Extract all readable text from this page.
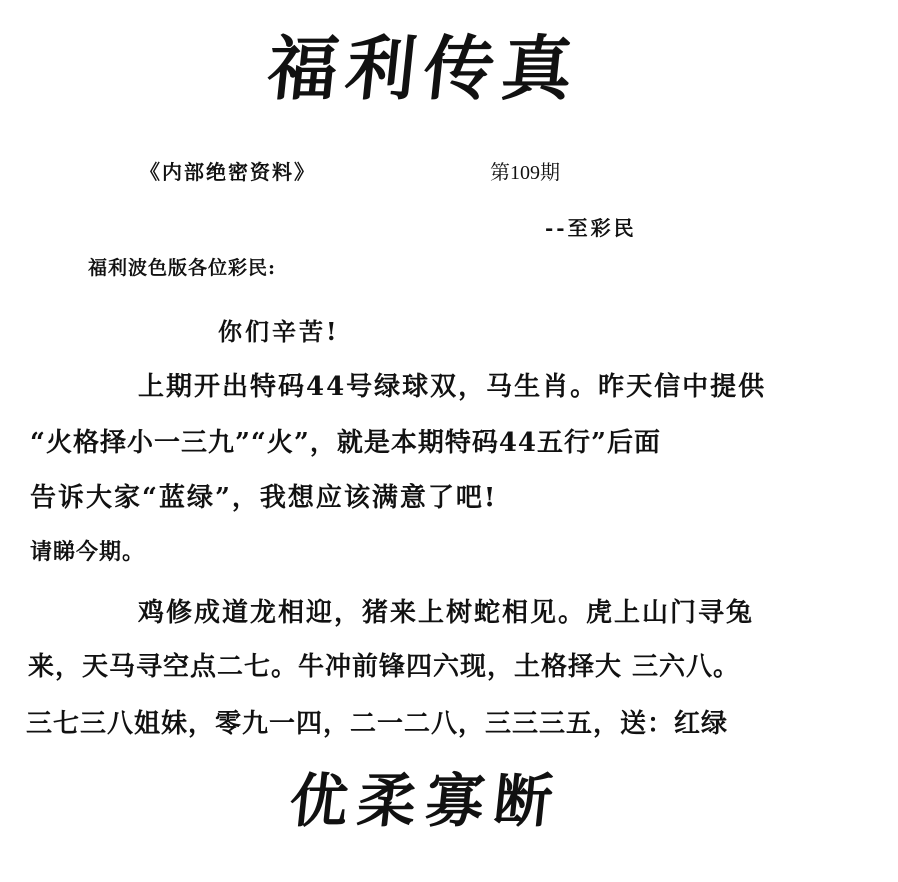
福利传真
《内部绝密资料》	第109期
--至彩民
福利波色版各位彩民:
你们辛苦!
上期开出特码44号绿球双，马生肖。昨天信中提供
“火格择小一三九”“火”，就是本期特码44五行”后面
告诉大家“蓝绿”，我想应该满意了吧!
请睇今期。
鸡修成道龙相迎，猪来上树蛇相见。虎上山门寻兔
来，天马寻空点二七。牛冲前锋四六现，土格择大 三六八。
三七三八姐妹，零九一四，二一二八，三三三五，送：红绿
优柔寡断
